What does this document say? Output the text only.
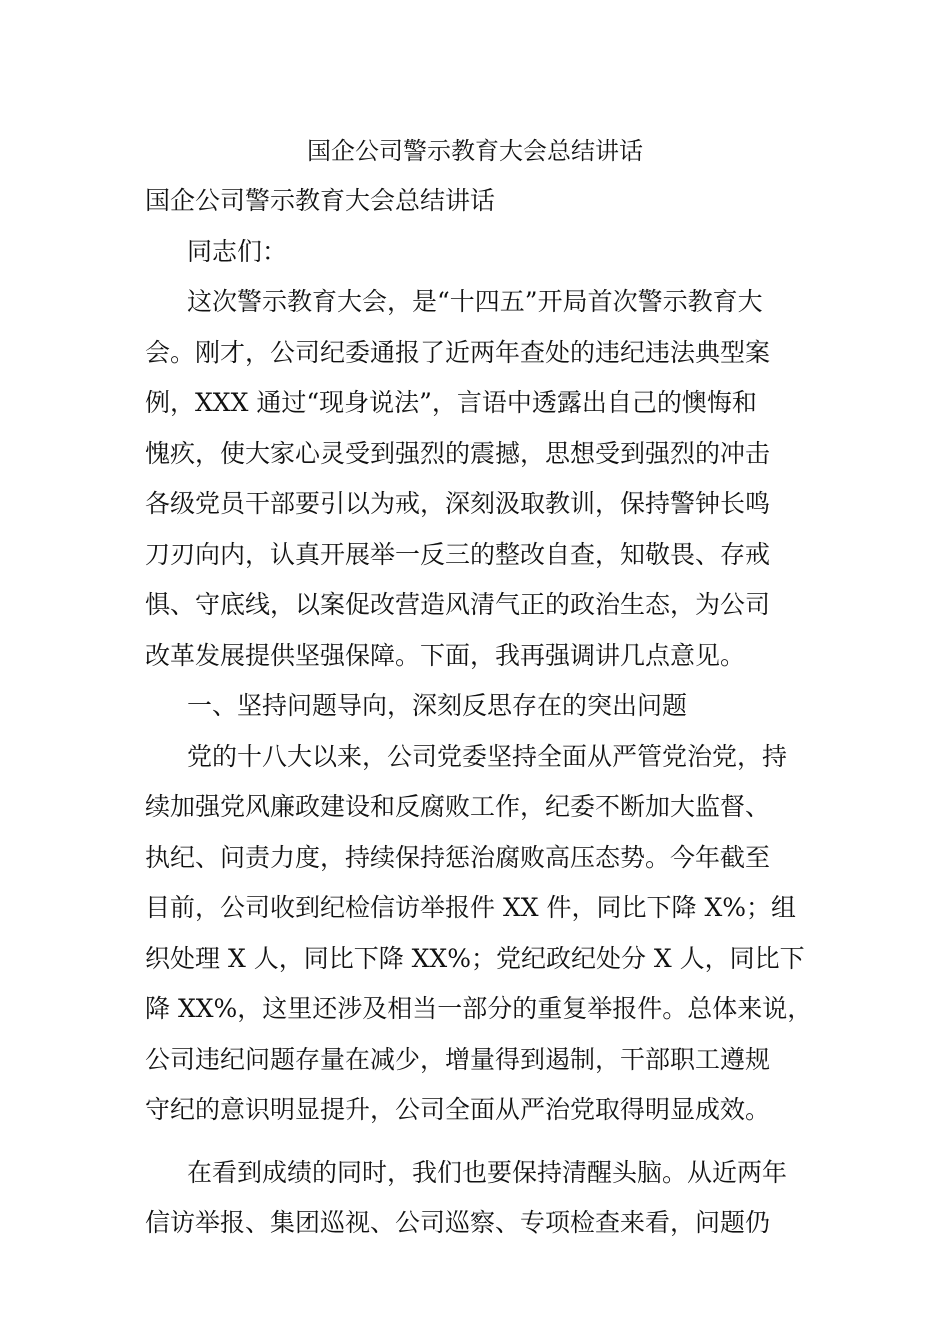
国企公司警示教育大会总结讲话
国企公司警示教育大会总结讲话
同志们：
这次警示教育大会，是“十四五”开局首次警示教育大
会。刚才，公司纪委通报了近两年查处的违纪违法典型案
例，XXX 通过“现身说法”，言语中透露出自己的懊悔和
愧疚，使大家心灵受到强烈的震撼，思想受到强烈的冲击
各级党员干部要引以为戒，深刻汲取教训，保持警钟长鸣
刀刃向内，认真开展举一反三的整改自查，知敬畏、存戒
惧、守底线，以案促改营造风清气正的政治生态，为公司
改革发展提供坚强保障。下面，我再强调讲几点意见。
一、坚持问题导向，深刻反思存在的突出问题
党的十八大以来，公司党委坚持全面从严管党治党，持
续加强党风廉政建设和反腐败工作，纪委不断加大监督、
执纪、问责力度，持续保持惩治腐败高压态势。今年截至
目前，公司收到纪检信访举报件 XX 件，同比下降 X%；组
织处理 X 人，同比下降 XX%；党纪政纪处分 X 人，同比下
降 XX%，这里还涉及相当一部分的重复举报件。总体来说，
公司违纪问题存量在减少，增量得到遏制，干部职工遵规
守纪的意识明显提升，公司全面从严治党取得明显成效。
在看到成绩的同时，我们也要保持清醒头脑。从近两年
信访举报、集团巡视、公司巡察、专项检查来看，问题仍
